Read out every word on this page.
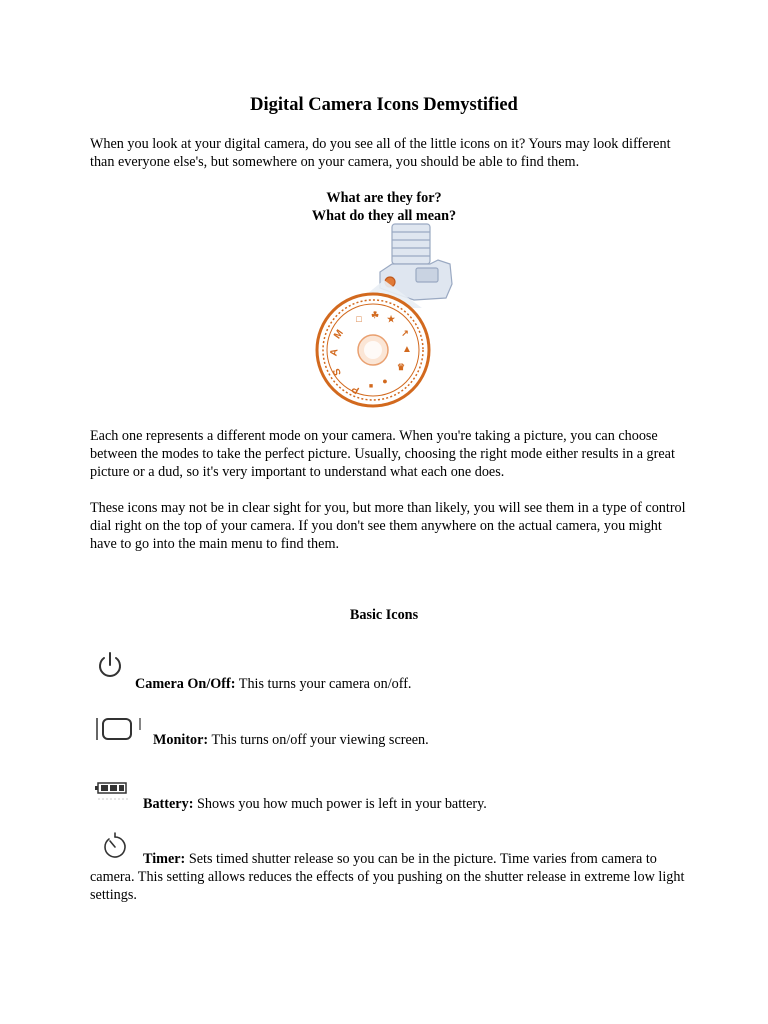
Digital Camera Icons Demystified

When you look at your digital camera, do you see all of the little icons on it? Yours may look different than everyone else's, but somewhere on your camera, you should be able to find them.

What are they for?

What do they all mean?

M
A
S
P
□ ☘ ★
↗
▲
♛
●
■

Each one represents a different mode on your camera. When you're taking a picture, you can choose between the modes to take the perfect picture. Usually, choosing the right mode either results in a great picture or a dud, so it's very important to understand what each one does.

These icons may not be in clear sight for you, but more than likely, you will see them in a type of control dial right on the top of your camera. If you don't see them anywhere on the actual camera, you might have to go into the main menu to find them.

Basic Icons

Camera On/Off: This turns your camera on/off.
Monitor: This turns on/off your viewing screen.
Battery: Shows you how much power is left in your battery.

Timer: Sets timed shutter release so you can be in the picture. Time varies from camera to camera. This setting allows reduces the effects of you pushing on the shutter release in extreme low light settings.
